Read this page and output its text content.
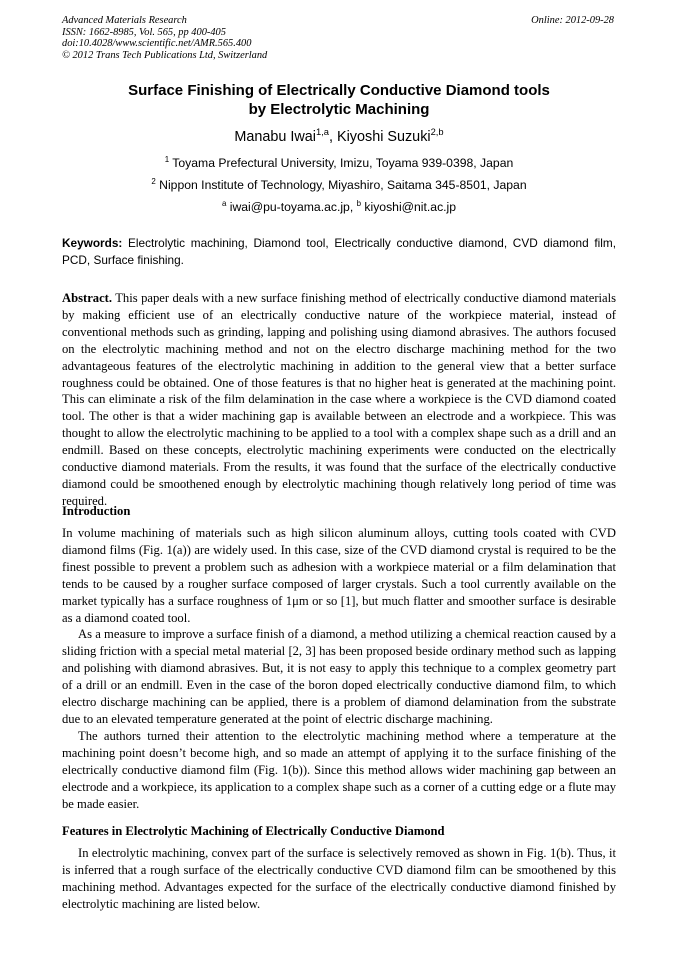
Advanced Materials Research
ISSN: 1662-8985, Vol. 565, pp 400-405
doi:10.4028/www.scientific.net/AMR.565.400
© 2012 Trans Tech Publications Ltd, Switzerland
Online: 2012-09-28
Surface Finishing of Electrically Conductive Diamond tools
by Electrolytic Machining
Manabu Iwai$^{1,a}$, Kiyoshi Suzuki$^{2,b}$
$^1$ Toyama Prefectural University, Imizu, Toyama 939-0398, Japan
$^2$ Nippon Institute of Technology, Miyashiro, Saitama 345-8501, Japan
$^a$ iwai@pu-toyama.ac.jp, $^b$ kiyoshi@nit.ac.jp
Keywords: Electrolytic machining, Diamond tool, Electrically conductive diamond, CVD diamond film, PCD, Surface finishing.
Abstract. This paper deals with a new surface finishing method of electrically conductive diamond materials by making efficient use of an electrically conductive nature of the workpiece material, instead of conventional methods such as grinding, lapping and polishing using diamond abrasives. The authors focused on the electrolytic machining method and not on the electro discharge machining method for the two advantageous features of the electrolytic machining in addition to the general view that a better surface roughness could be obtained. One of those features is that no higher heat is generated at the machining point. This can eliminate a risk of the film delamination in the case where a workpiece is the CVD diamond coated tool. The other is that a wider machining gap is available between an electrode and a workpiece. This was thought to allow the electrolytic machining to be applied to a tool with a complex shape such as a drill and an endmill. Based on these concepts, electrolytic machining experiments were conducted on the electrically conductive diamond materials. From the results, it was found that the surface of the electrically conductive diamond could be smoothened enough by electrolytic machining though relatively long period of time was required.
Introduction

In volume machining of materials such as high silicon aluminum alloys, cutting tools coated with CVD diamond films (Fig. 1(a)) are widely used. In this case, size of the CVD diamond crystal is required to be the finest possible to prevent a problem such as adhesion with a workpiece material or a film delamination that tends to be caused by a rougher surface composed of larger crystals. Such a tool currently available on the market typically has a surface roughness of 1μm or so [1], but much flatter and smoother surface is desirable as a diamond coated tool.

As a measure to improve a surface finish of a diamond, a method utilizing a chemical reaction caused by a sliding friction with a special metal material [2, 3] has been proposed beside ordinary method such as lapping and polishing with diamond abrasives. But, it is not easy to apply this technique to a complex geometry part of a drill or an endmill. Even in the case of the boron doped electrically conductive diamond film, to which electro discharge machining can be applied, there is a problem of diamond delamination from the substrate due to an elevated temperature generated at the point of electric discharge machining.

The authors turned their attention to the electrolytic machining method where a temperature at the machining point doesn’t become high, and so made an attempt of applying it to the surface finishing of the electrically conductive diamond film (Fig. 1(b)). Since this method allows wider machining gap between an electrode and a workpiece, its application to a complex shape such as a corner of a cutting edge or a flute may be made easier.

Features in Electrolytic Machining of Electrically Conductive Diamond

In electrolytic machining, convex part of the surface is selectively removed as shown in Fig. 1(b). Thus, it is inferred that a rough surface of the electrically conductive CVD diamond film can be smoothened by this machining method. Advantages expected for the surface of the electrically conductive diamond finished by electrolytic machining are listed below.
